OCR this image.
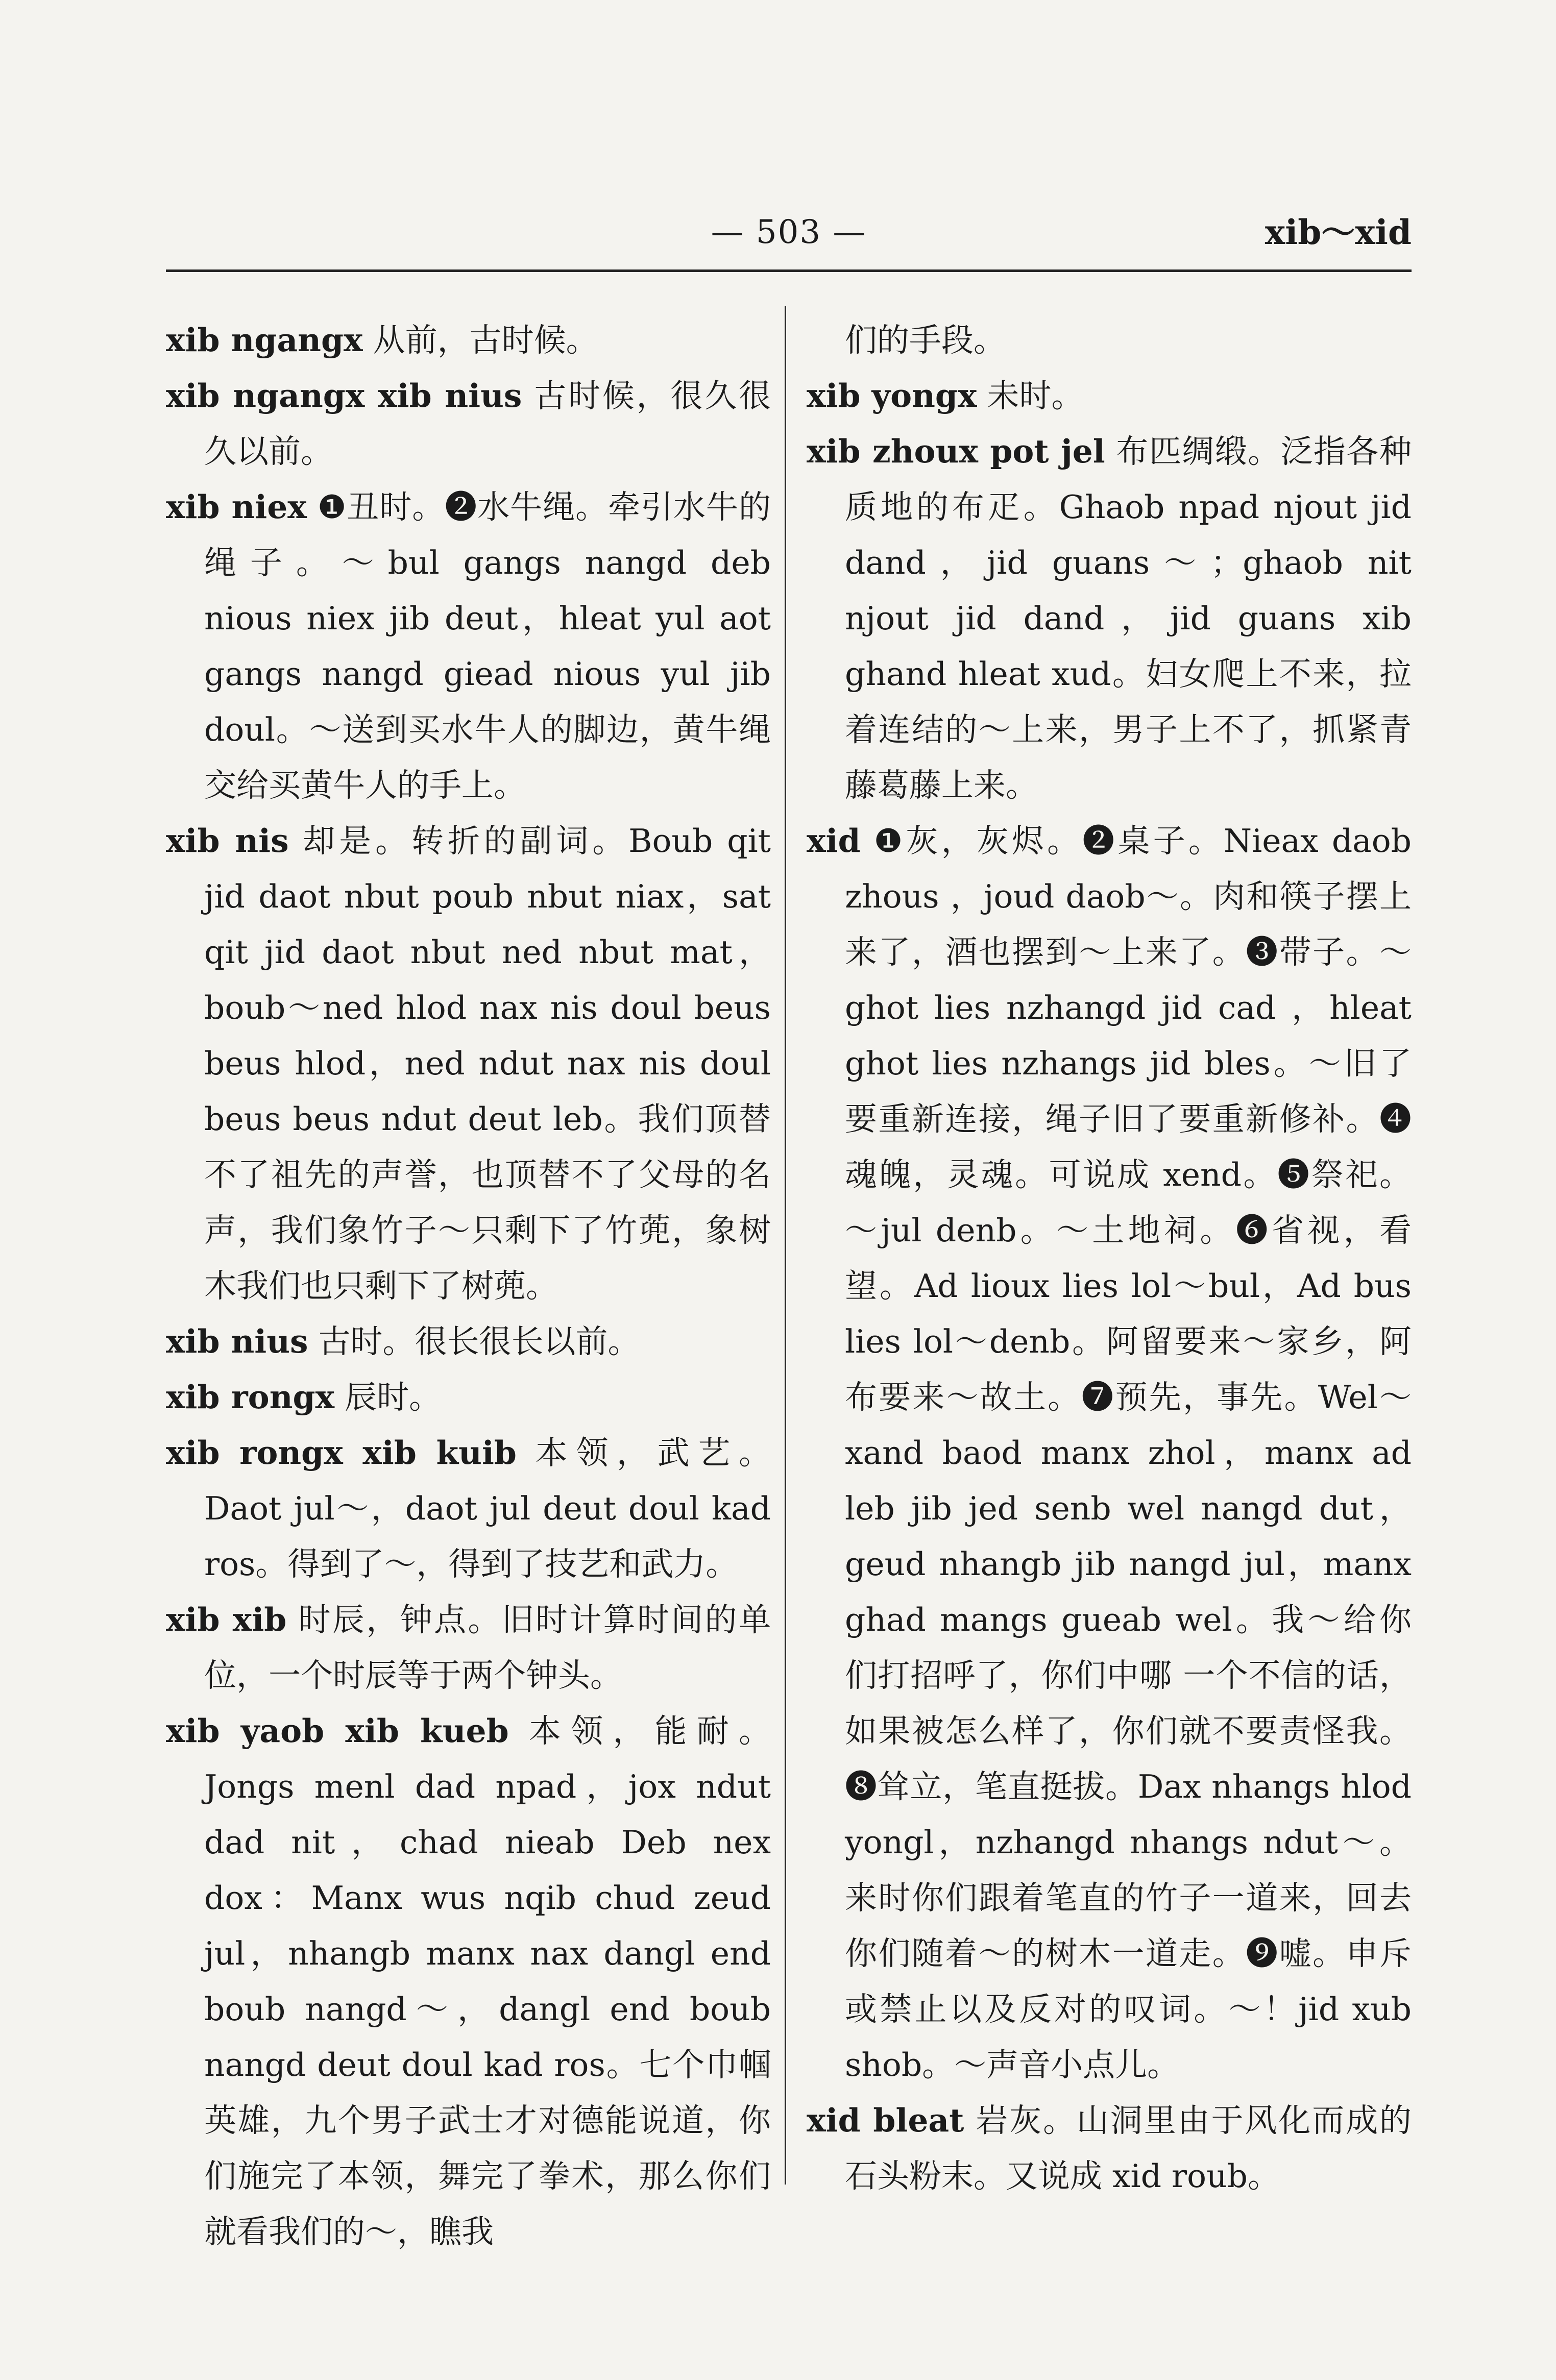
— 503 —	xib～xid
xib ngangx 从前，古时候。
xib ngangx xib nius 古时候，很久很久以前。
xib niex ❶丑时。❷水牛绳。牵引水牛的绳子。～bul gangs nangd deb nious niex jib deut，hleat yul aot gangs nangd giead nious yul jib doul。～送到买水牛人的脚边，黄牛绳交给买黄牛人的手上。
xib nis 却是。转折的副词。Boub qit jid daot nbut poub nbut niax，sat qit jid daot nbut ned nbut mat，boub～ned hlod nax nis doul beus beus hlod，ned ndut nax nis doul beus beus ndut deut leb。我们顶替不了祖先的声誉，也顶替不了父母的名声，我们象竹子～只剩下了竹蔸，象树木我们也只剩下了树蔸。
xib nius 古时。很长很长以前。
xib rongx 辰时。
xib rongx xib kuib 本领，武艺。Daot jul～，daot jul deut doul kad ros。得到了～，得到了技艺和武力。
xib xib 时辰，钟点。旧时计算时间的单位，一个时辰等于两个钟头。
xib yaob xib kueb 本领，能耐。Jongs menl dad npad，jox ndut dad nit，chad nieab Deb nex dox：Manx wus nqib chud zeud jul，nhangb manx nax dangl end boub nangd～，dangl end boub nangd deut doul kad ros。七个巾帼英雄，九个男子武士才对德能说道，你们施完了本领，舞完了拳术，那么你们就看我们的～，瞧我
们的手段。
xib yongx 未时。
xib zhoux pot jel 布匹绸缎。泛指各种质地的布疋。Ghaob npad njout jid dand，jid guans～；ghaob nit njout jid dand，jid guans xib ghand hleat xud。妇女爬上不来，拉着连结的～上来，男子上不了，抓紧青藤葛藤上来。
xid ❶灰，灰烬。❷桌子。Nieax daob zhous ，joud daob～。肉和筷子摆上来了，酒也摆到～上来了。❸带子。～ghot lies nzhangd jid cad ，hleat ghot lies nzhangs jid bles。～旧了要重新连接，绳子旧了要重新修补。❹魂魄，灵魂。可说成 xend。❺祭祀。～jul denb。～土地祠。❻省视，看望。Ad lioux lies lol～bul，Ad bus lies lol～denb。阿留要来～家乡，阿布要来～故土。❼预先，事先。Wel～xand baod manx zhol，manx ad leb jib jed senb wel nangd dut，geud nhangb jib nangd jul，manx ghad mangs gueab wel。我～给你们打招呼了，你们中哪 一个不信的话，如果被怎么样了，你们就不要责怪我。❽耸立，笔直挺拔。Dax nhangs hlod yongl，nzhangd nhangs ndut～。来时你们跟着笔直的竹子一道来，回去你们随着～的树木一道走。❾嘘。申斥或禁止以及反对的叹词。～！jid xub shob。～声音小点儿。
xid bleat 岩灰。山洞里由于风化而成的石头粉末。又说成 xid roub。
